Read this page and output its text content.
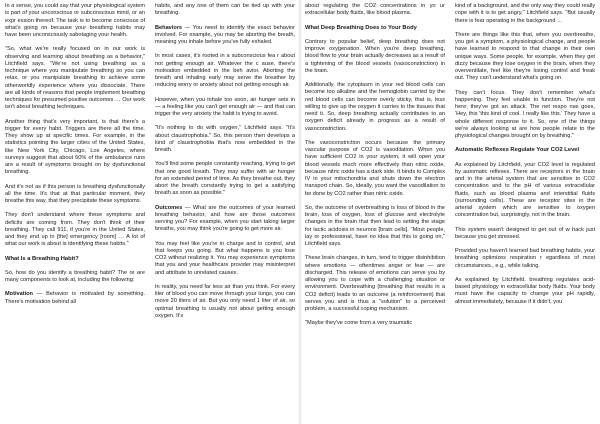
In a sense, you could say that your physiological system is part of your unconscious or subconscious mind, or an expr ession thereof. The task is to become conscious of what's going on because your breathing habits may have been unconsciously sabotaging your health.

"So, what we're really focused on in our work is observing and learning about breathing as a behavior," Litchfield says. "We're not using breathing as a technique where you manipulate breathing so you can relax, or you manipulate breathing to achieve some otherworldly experience where you dissociate. There are all kinds of reasons that people implement breathing techniques for presumed positive outcomes … Our work isn't about breathing techniques.

Another thing that's very important, is that there's a trigger for every habit. Triggers are there all the time. They show up at specific times. For example, in the statistics pointing the larger cities of the United States, like New York City, Chicago, Los Angeles, where surveys suggest that about 60% of the ambulance runs are a result of symptoms brought on by dysfunctional breathing.

And it's not as if this person is breathing dysfunctionally all the time. It's that at that particular moment, they breathe this way, that they precipitate these symptoms.

They don't understand where these symptoms and deficits are coming from. They don't think of their breathing. They call 911, if you're in the United States, and they end up in [the] emergency [room] … A lot of what our work is about is identifying these habits."

What Is a Breathing Habit?

So, how do you identify a breathing habit? The re are many components to look at, including the following:

Motivation — Behavior is motivated by something. There's motivation behind all

habits, and any one of them can be tied up with your breathing.

Behaviors — You need to identify the exact behavior involved. For example, you may be aborting the breath, meaning you inhale before you've fully exhaled.

In most cases, it's rooted in a subconscious fea r about not getting enough air. Whatever the c ause, there's motivation embedded in the beh avior. Aborting the breath and inhaling early may serve the breather by reducing worry or anxiety about not getting enough air.

However, when you inhale too soon, air hunger sets in — a feeling like you can't get enough air — and that can trigger the very anxiety the habit is trying to avoid.

"It's nothing to do with oxygen," Litchfield says. "It's about claustrophobia." So, this person then develops a kind of claustrophobia that's now embedded in the breath.

You'll find some people constantly reaching, trying to get that one good breath. They may suffer with air hunger for an extended period of time. As they breathe out, they abort the breath constantly trying to get a satisfying breath as soon as possible."

Outcomes — What are the outcomes of your learned breathing behavior, and how are those outcomes serving you? For example, when you start taking larger breaths, you may think you're going to get more air.

You may feel like you're in charge and in control, and that keeps you going. But what happens is you lose CO2 without realizing it. You may experience symptoms that you and your healthcare provider may misinterpret and attribute to unrelated causes.

In reality, you need far less air than you think. For every liter of blood you can move through your lungs, you can move 20 liters of air. But you only need 1 liter of air, so optimal breathing is usually not about getting enough oxygen. It's

about regulating the CO2 concentrations in yo ur extracellular body fluids, like blood plasma.

What Deep Breathing Does to Your Body

Contrary to popular belief, deep breathing does not improve oxygenation. When you're deep breathing, blood flow to your brain actually decreases as a result of a tightening of the blood vessels (vasoconstriction) in the brain.

Additionally, the cytoplasm in your red blood cells can become too alkaline and the hemoglobin carried by the red blood cells can become overly sticky, that is, less willing to give up the oxygen it carries to the tissues that need it. So, deep breathing actually contributes to an oxygen deficit already in progress as a result of vasoconstriction.

The vasoconstriction occurs because the primary vascular purpose of CO2 is vasodilation. When you have sufficient CO2 in your system, it will open your blood vessels much more effectively than nitric oxide, because nitric oxide has a dark side. It binds to Complex IV in your mitochondria and shuts down the electron transport chain. So, ideally, you want the vasodilation to be done by CO2 rather than nitric oxide.

So, the outcome of overbreathing is loss of blood in the brain, loss of oxygen, loss of glucose and electrolyte changes in the brain that then lead to setting the stage for lactic acidosis in neurons [brain cells]. "Most people, lay or professional, have no idea that this is going on," Litchfield says.

These brain changes, in turn, tend to trigger disinhibition where emotions — oftentimes anger or fear — are discharged. This release of emotions can serve you by allowing you to cope with a challenging situation or environment. Overbreathing (breathing that results in a CO2 deficit) leads to an outcome (a reinforcement) that serves you and is thus a "solution" to a perceived problem, a successful coping mechanism.

"Maybe they've come from a very traumatic

kind of a background, and the only way they could really cope with it is to get angry," Litchfield says. "But usually there is fear operating in the background …

There are things like this that, when you overbreathe, you get a symptom, a physiological change, and people have learned to respond to that change in their own unique ways. Some people, for example, when they get dizzy because they lose oxygen in the brain, when they overventilate, feel like they're losing control and freak out. They can't understand what's going on.

They can't focus. They don't remember what's happening. They feel unable to function. They're not here; they've got an attack. The net respo nse goes, 'Hey, this 'this kind of cool. I really like this.' They have a whole different response to it. So, one of the things we're always looking at are how people relate to the physiological changes brought on by breathing."

Automatic Reflexes Regulate Your CO2 Level

As explained by Litchfield, your CO2 level is regulated by automatic reflexes. There are receptors in the brain and in the arterial system that are sensitive to CO2 concentration and to the pH of various extracellular fluids, such as blood plasma and interstitial fluids (surrounding cells). These are receptor sites in the arterial system which are sensitive to oxygen concentration but, surprisingly, not in the brain.

This system wasn't designed to get out of w hack just because you get stressed.

Provided you haven't learned bad breathing habits, your breathing optimizes respiration r egardless of most circumstances., e.g., while talking.

As explained by Litchfield, breathing regulates acid-based physiology in extracellular body fluids. Your body must have the capacity to change your pH rapidly, almost immediately, because if it didn't, you
